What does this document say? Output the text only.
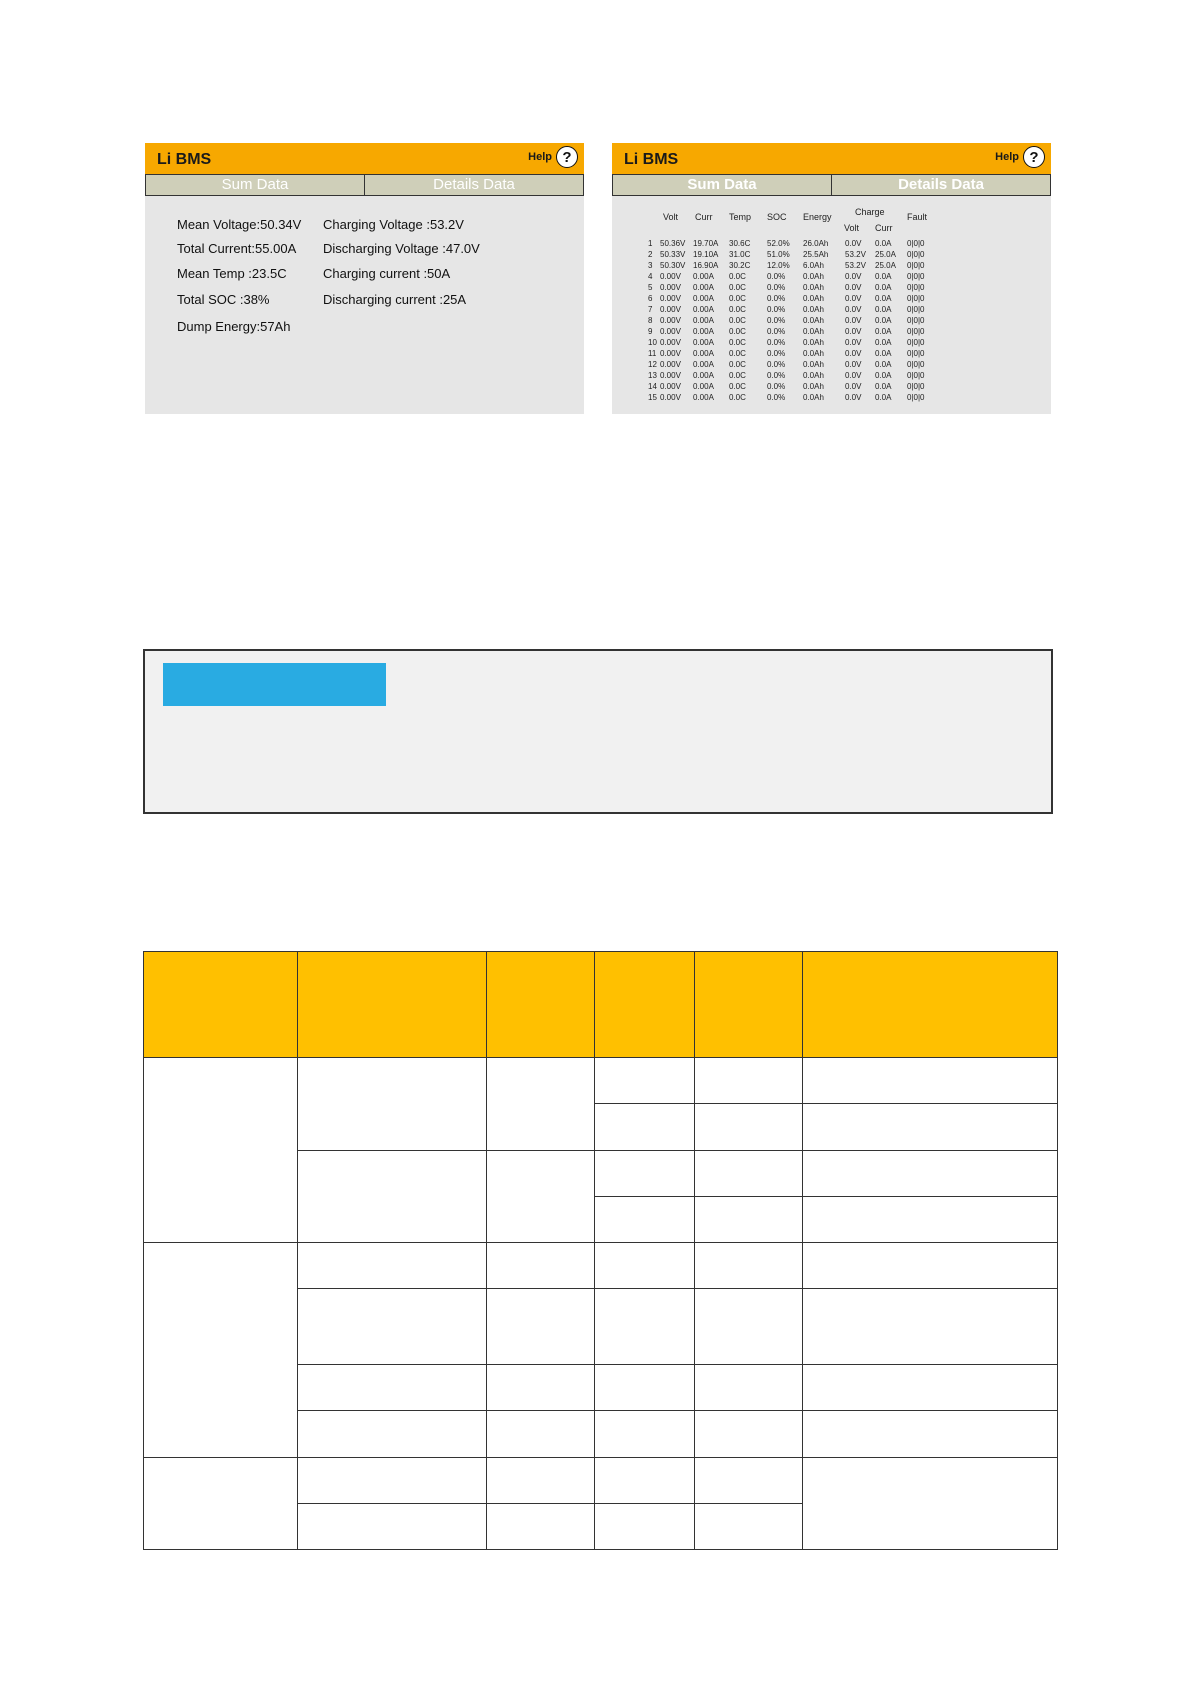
Li BMS	Help ?
Sum Data	Details Data
Mean Voltage:50.34V
Total Current:55.00A
Mean Temp :23.5C
Total SOC :38%
Dump Energy:57Ah
Charging Voltage :53.2V
Discharging Voltage :47.0V
Charging current :50A
Discharging current :25A
Li BMS	Help ?
Sum Data	Details Data
Volt Curr Temp SOC Energy	Charge
Volt Curr
Fault
1 50.36V 19.70A 30.6C 52.0% 26.0Ah 0.0V 0.0A 0|0|0
2 50.33V 19.10A 31.0C 51.0% 25.5Ah 53.2V 25.0A 0|0|0
3 50.30V 16.90A 30.2C 12.0% 6.0Ah	53.2V 25.0A 0|0|0
4 0.00V 0.00A 0.0C	0.0% 0.0Ah	0.0V 0.0A 0|0|0
5 0.00V 0.00A 0.0C	0.0% 0.0Ah	0.0V 0.0A 0|0|0
6 0.00V 0.00A 0.0C	0.0% 0.0Ah	0.0V 0.0A 0|0|0
7 0.00V 0.00A 0.0C	0.0% 0.0Ah	0.0V 0.0A 0|0|0
8 0.00V 0.00A 0.0C	0.0% 0.0Ah	0.0V 0.0A 0|0|0
9 0.00V 0.00A 0.0C	0.0% 0.0Ah	0.0V 0.0A 0|0|0
10 0.00V 0.00A 0.0C	0.0% 0.0Ah	0.0V 0.0A 0|0|0
11 0.00V 0.00A 0.0C	0.0% 0.0Ah	0.0V 0.0A 0|0|0
12 0.00V 0.00A 0.0C	0.0% 0.0Ah	0.0V 0.0A 0|0|0
13 0.00V 0.00A 0.0C	0.0% 0.0Ah	0.0V 0.0A 0|0|0
14 0.00V 0.00A 0.0C	0.0% 0.0Ah	0.0V 0.0A 0|0|0
15 0.00V 0.00A 0.0C	0.0% 0.0Ah	0.0V 0.0A 0|0|0
